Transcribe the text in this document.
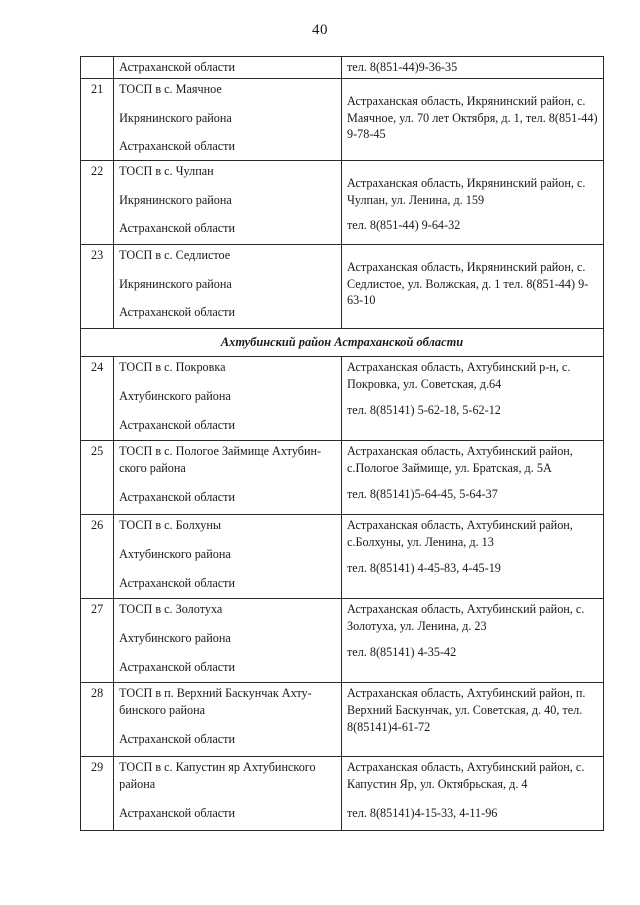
40

	Астраханской области	тел. 8(851-44)9-36-35

21	ТОСП в с. Маячное
Икрянинского района
Астраханской области	Астраханская область, Икрянинский район, с. Маячное, ул. 70 лет Октября, д. 1, тел. 8(851-44) 9-78-45

22	ТОСП в с. Чулпан
Икрянинского района
Астраханской области	Астраханская область, Икрянинский район, с. Чулпан, ул. Ленина, д. 159
тел. 8(851-44) 9-64-32

23	ТОСП в с. Седлистое
Икрянинского района
Астраханской области	Астраханская область, Икрянинский район, с. Седлистое, ул. Волжская, д. 1 тел. 8(851-44) 9-63-10

Ахтубинский район Астраханской области		
24	ТОСП в с. Покровка
Ахтубинского района
Астраханской области	Астраханская область, Ахтубинский р-н, с. Покровка, ул. Советская, д.64
тел. 8(85141) 5-62-18, 5-62-12

25	ТОСП в с. Пологое Займище Ахтубин-ского района
Астраханской области	Астраханская область, Ахтубинский район, с.Пологое Займище, ул. Братская, д. 5А
тел. 8(85141)5-64-45, 5-64-37

26	ТОСП в с. Болхуны
Ахтубинского района
Астраханской области	Астраханская область, Ахтубинский район, с.Болхуны, ул. Ленина, д. 13
тел. 8(85141) 4-45-83, 4-45-19

27	ТОСП в с. Золотуха
Ахтубинского района
Астраханской области	Астраханская область, Ахтубинский район, с. Золотуха, ул. Ленина, д. 23
тел. 8(85141) 4-35-42

28	ТОСП в п. Верхний Баскунчак Ахту-бинского района
Астраханской области	Астраханская область, Ахтубинский район, п. Верхний Баскунчак, ул. Советская, д. 40, тел. 8(85141)4-61-72

29	ТОСП в с. Капустин яр Ахтубинского района
Астраханской области	Астраханская область, Ахтубинский район, с. Капустин Яр, ул. Октябрьская, д. 4
тел. 8(85141)4-15-33, 4-11-96
